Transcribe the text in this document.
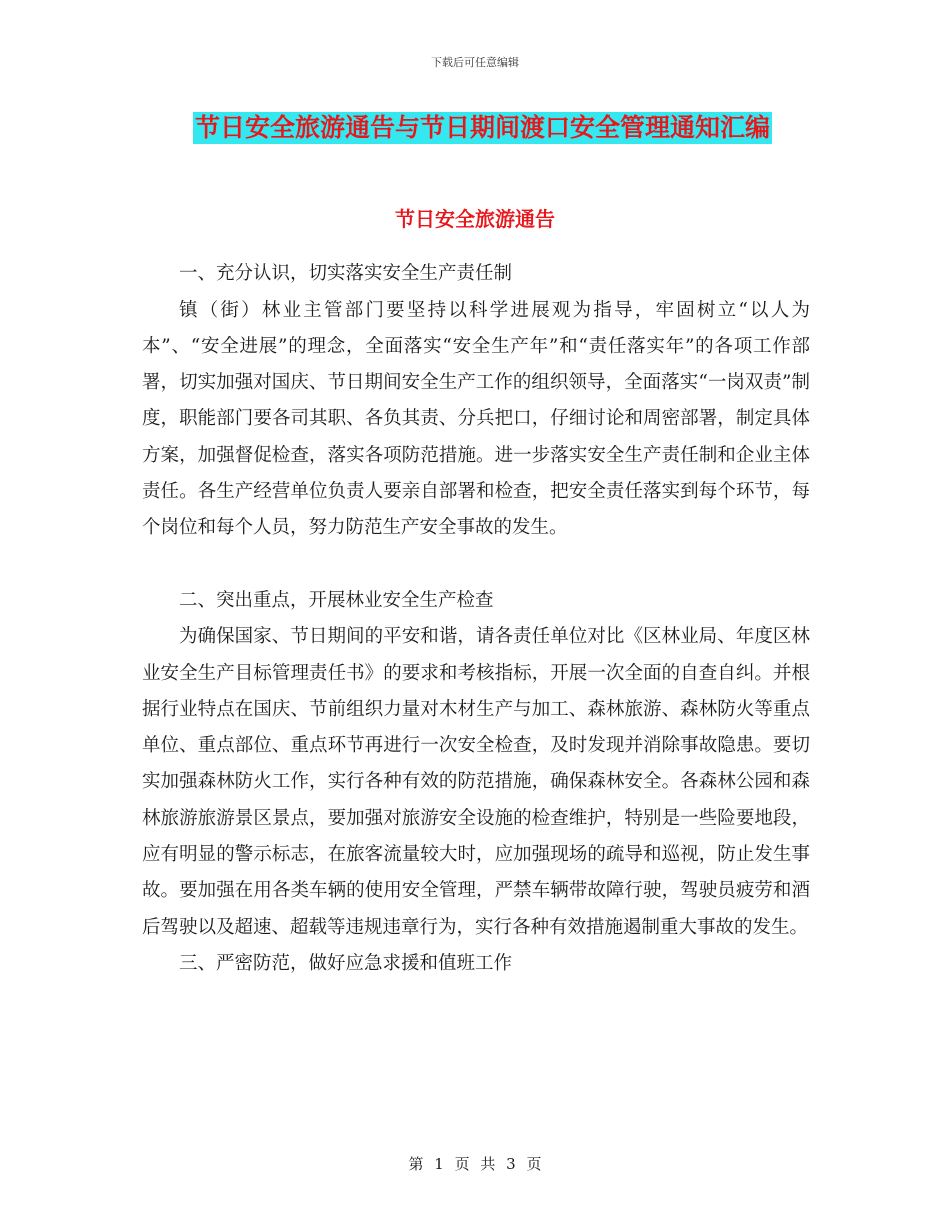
下载后可任意编辑
节日安全旅游通告与节日期间渡口安全管理通知汇编
节日安全旅游通告

一、充分认识，切实落实安全生产责任制

镇（街）林业主管部门要坚持以科学进展观为指导，牢固树立“以人为本”、“安全进展”的理念，全面落实“安全生产年”和“责任落实年”的各项工作部署，切实加强对国庆、节日期间安全生产工作的组织领导，全面落实“一岗双责”制度，职能部门要各司其职、各负其责、分兵把口，仔细讨论和周密部署，制定具体方案，加强督促检查，落实各项防范措施。进一步落实安全生产责任制和企业主体责任。各生产经营单位负责人要亲自部署和检查，把安全责任落实到每个环节，每个岗位和每个人员，努力防范生产安全事故的发生。

二、突出重点，开展林业安全生产检查

为确保国家、节日期间的平安和谐，请各责任单位对比《区林业局、年度区林业安全生产目标管理责任书》的要求和考核指标，开展一次全面的自查自纠。并根据行业特点在国庆、节前组织力量对木材生产与加工、森林旅游、森林防火等重点单位、重点部位、重点环节再进行一次安全检查，及时发现并消除事故隐患。要切实加强森林防火工作，实行各种有效的防范措施，确保森林安全。各森林公园和森林旅游旅游景区景点，要加强对旅游安全设施的检查维护，特别是一些险要地段，应有明显的警示标志，在旅客流量较大时，应加强现场的疏导和巡视，防止发生事故。要加强在用各类车辆的使用安全管理，严禁车辆带故障行驶，驾驶员疲劳和酒后驾驶以及超速、超载等违规违章行为，实行各种有效措施遏制重大事故的发生。

三、严密防范，做好应急求援和值班工作

第 1 页 共 3 页
